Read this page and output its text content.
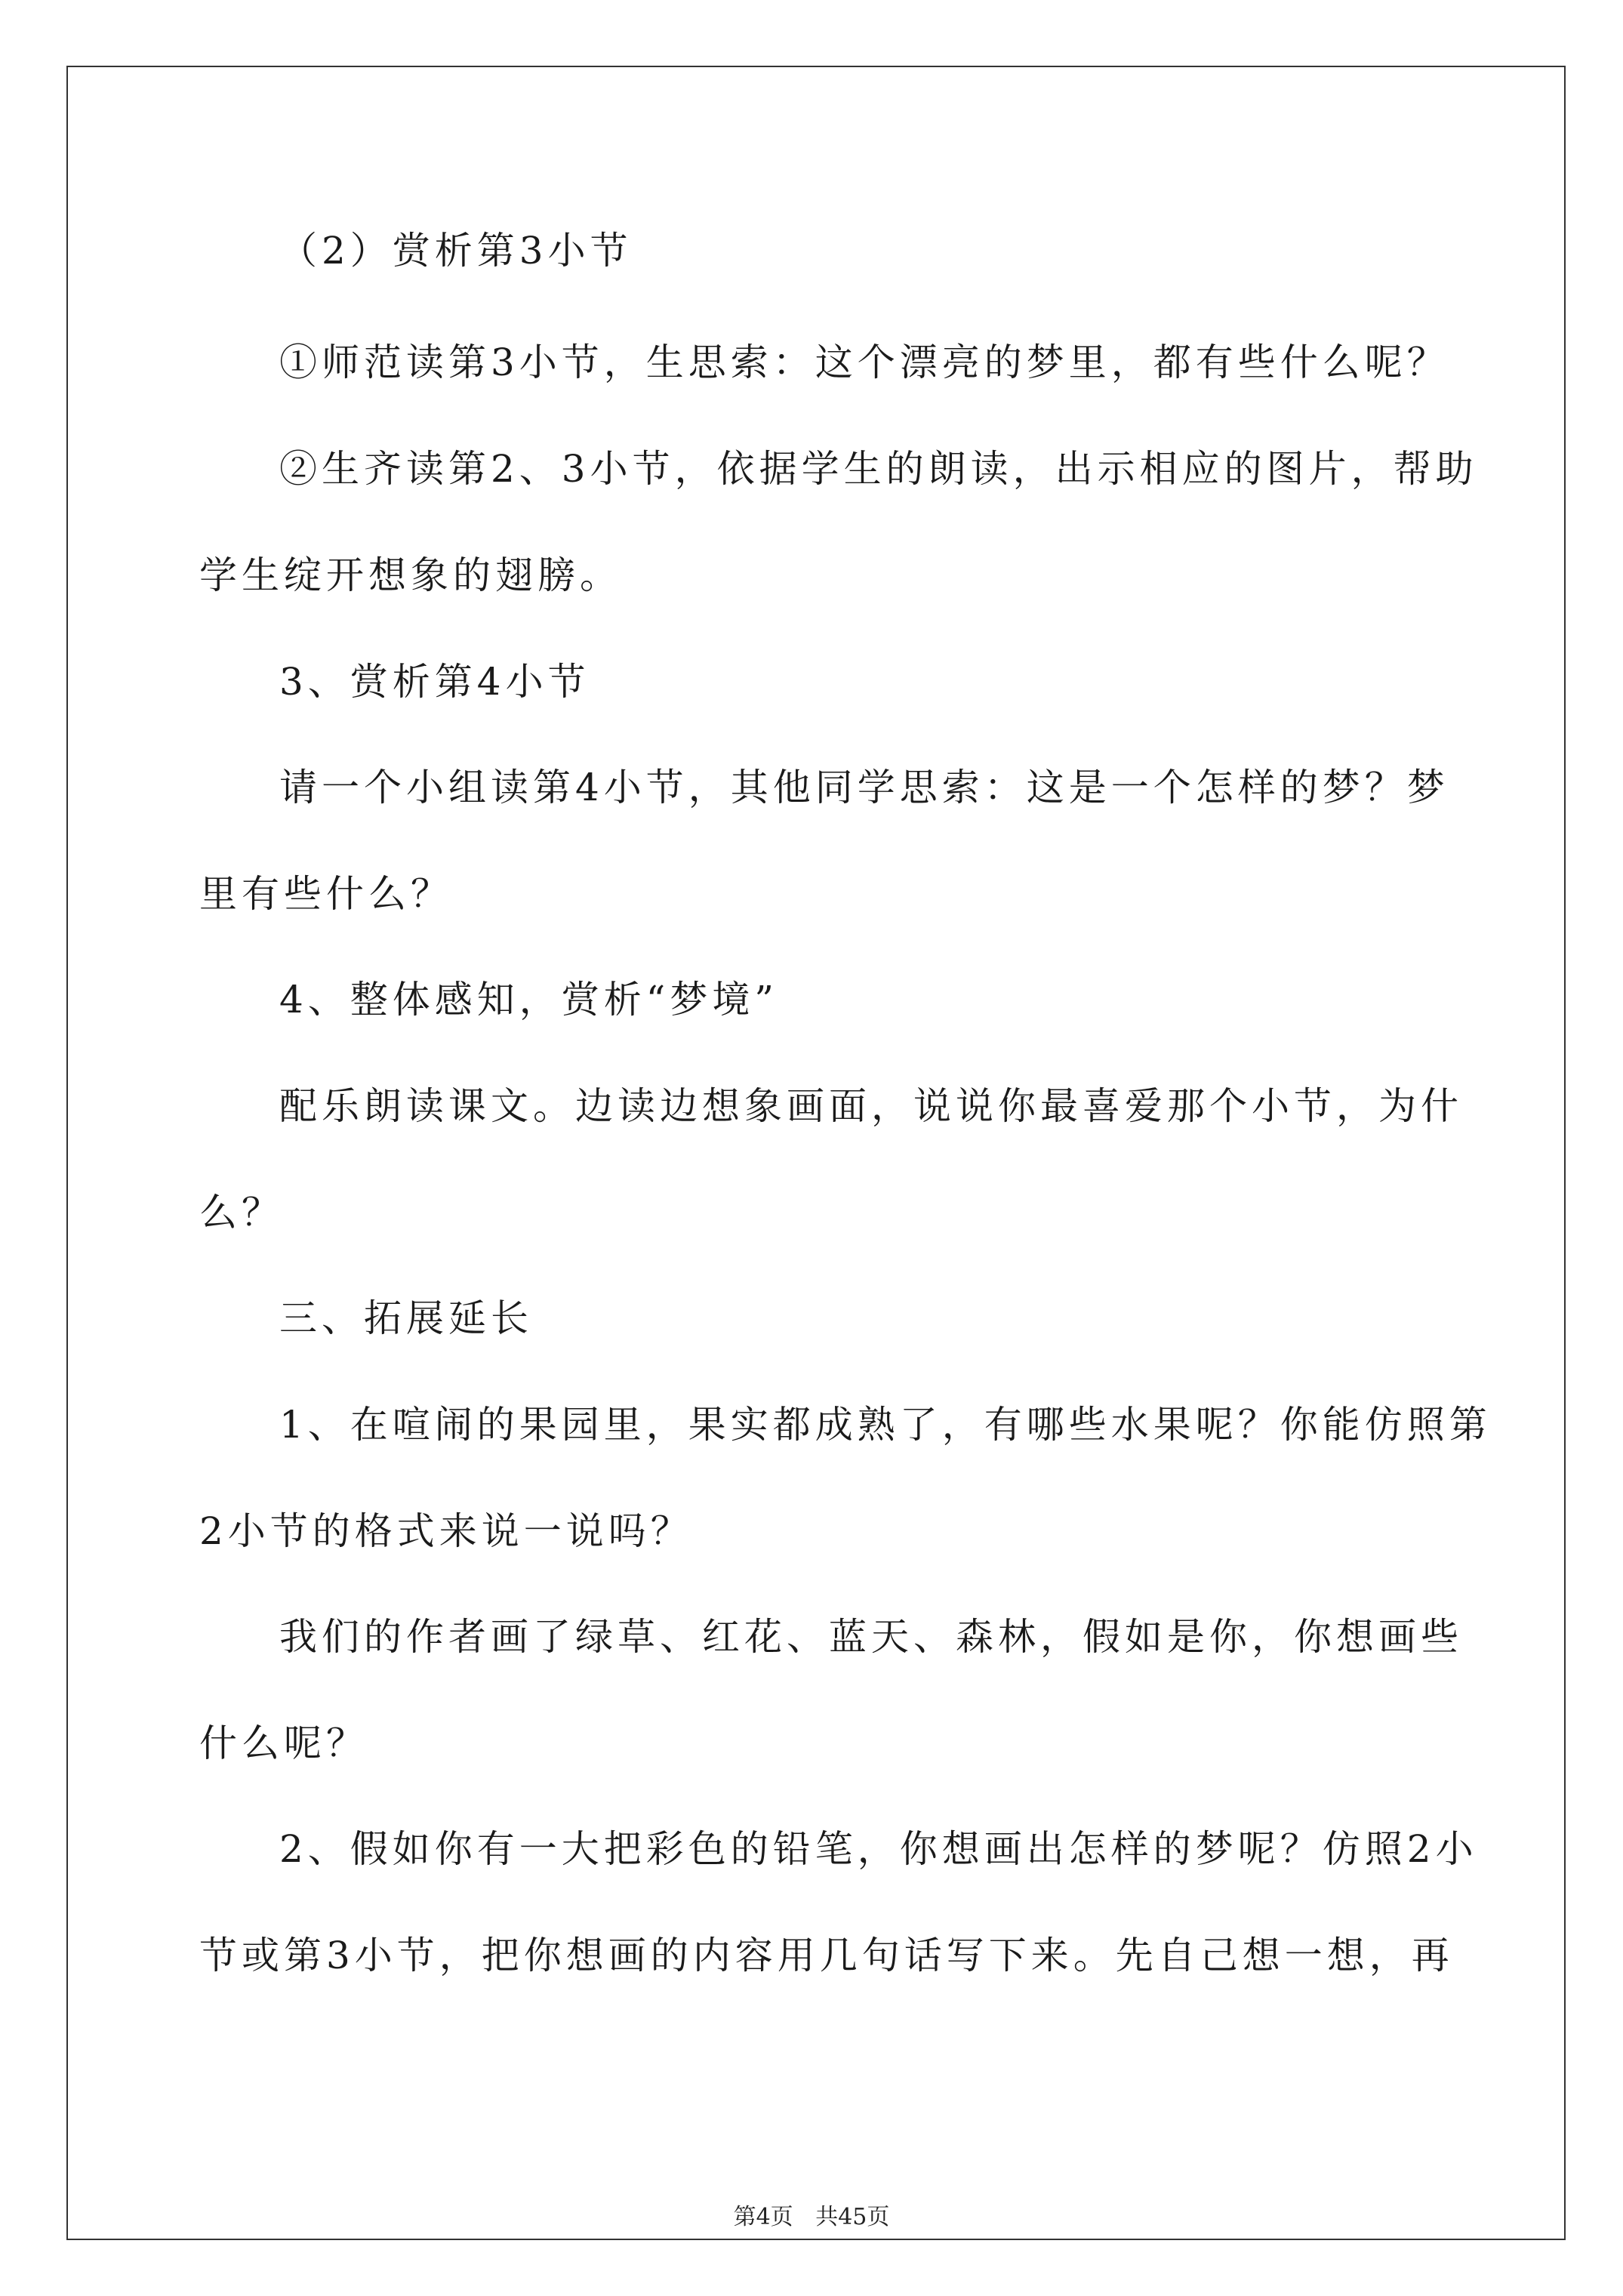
（2）赏析第3小节
①师范读第3小节，生思索：这个漂亮的梦里，都有些什么呢？
②生齐读第2、3小节，依据学生的朗读，出示相应的图片，帮助
学生绽开想象的翅膀。
3、赏析第4小节
请一个小组读第4小节，其他同学思索：这是一个怎样的梦？梦
里有些什么？
4、整体感知，赏析“梦境”
配乐朗读课文。边读边想象画面，说说你最喜爱那个小节，为什
么？
三、拓展延长
1、在喧闹的果园里，果实都成熟了，有哪些水果呢？你能仿照第
2小节的格式来说一说吗？
我们的作者画了绿草、红花、蓝天、森林，假如是你，你想画些
什么呢？
2、假如你有一大把彩色的铅笔，你想画出怎样的梦呢？仿照2小
节或第3小节，把你想画的内容用几句话写下来。先自己想一想，再
第4页 共45页
